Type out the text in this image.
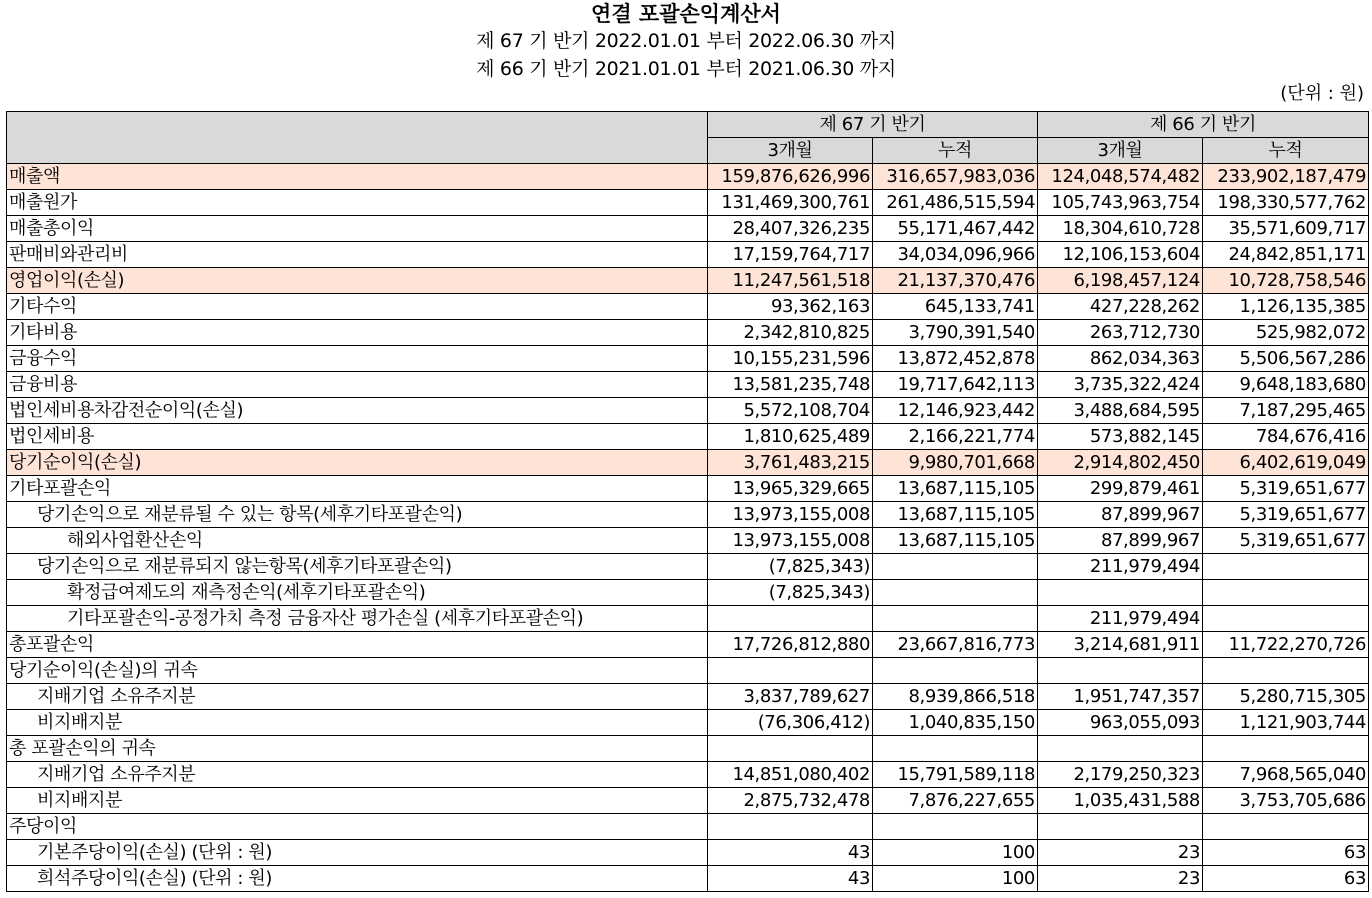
연결 포괄손익계산서
제 67 기 반기 2022.01.01 부터 2022.06.30 까지
제 66 기 반기 2021.01.01 부터 2021.06.30 까지
(단위 : 원)
	제 67 기 반기		제 66 기 반기	
	3개월	누적	3개월	누적
매출액	159,876,626,996	316,657,983,036	124,048,574,482	233,902,187,479
매출원가	131,469,300,761	261,486,515,594	105,743,963,754	198,330,577,762
매출총이익	28,407,326,235	55,171,467,442	18,304,610,728	35,571,609,717
판매비와관리비	17,159,764,717	34,034,096,966	12,106,153,604	24,842,851,171
영업이익(손실)	11,247,561,518	21,137,370,476	6,198,457,124	10,728,758,546
기타수익	93,362,163	645,133,741	427,228,262	1,126,135,385
기타비용	2,342,810,825	3,790,391,540	263,712,730	525,982,072
금융수익	10,155,231,596	13,872,452,878	862,034,363	5,506,567,286
금융비용	13,581,235,748	19,717,642,113	3,735,322,424	9,648,183,680
법인세비용차감전순이익(손실)	5,572,108,704	12,146,923,442	3,488,684,595	7,187,295,465
법인세비용	1,810,625,489	2,166,221,774	573,882,145	784,676,416
당기순이익(손실)	3,761,483,215	9,980,701,668	2,914,802,450	6,402,619,049
기타포괄손익	13,965,329,665	13,687,115,105	299,879,461	5,319,651,677
당기손익으로 재분류될 수 있는 항목(세후기타포괄손익)	13,973,155,008	13,687,115,105	87,899,967	5,319,651,677
해외사업환산손익	13,973,155,008	13,687,115,105	87,899,967	5,319,651,677
당기손익으로 재분류되지 않는항목(세후기타포괄손익)	(7,825,343)		211,979,494	
확정급여제도의 재측정손익(세후기타포괄손익)	(7,825,343)			
기타포괄손익-공정가치 측정 금융자산 평가손실 (세후기타포괄손익)			211,979,494	
총포괄손익	17,726,812,880	23,667,816,773	3,214,681,911	11,722,270,726
당기순이익(손실)의 귀속				
지배기업 소유주지분	3,837,789,627	8,939,866,518	1,951,747,357	5,280,715,305
비지배지분	(76,306,412)	1,040,835,150	963,055,093	1,121,903,744
총 포괄손익의 귀속				
지배기업 소유주지분	14,851,080,402	15,791,589,118	2,179,250,323	7,968,565,040
비지배지분	2,875,732,478	7,876,227,655	1,035,431,588	3,753,705,686
주당이익				
기본주당이익(손실) (단위 : 원)	43	100	23	63
희석주당이익(손실) (단위 : 원)	43	100	23	63
